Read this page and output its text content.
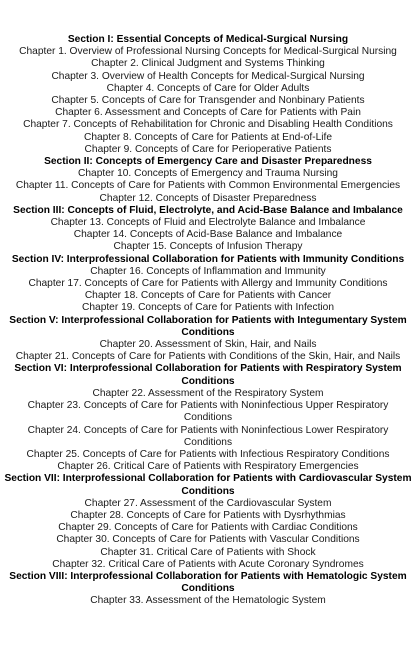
Section I: Essential Concepts of Medical-Surgical Nursing
Chapter 1. Overview of Professional Nursing Concepts for Medical-Surgical Nursing
Chapter 2. Clinical Judgment and Systems Thinking
Chapter 3. Overview of Health Concepts for Medical-Surgical Nursing
Chapter 4. Concepts of Care for Older Adults
Chapter 5. Concepts of Care for Transgender and Nonbinary Patients
Chapter 6. Assessment and Concepts of Care for Patients with Pain
Chapter 7. Concepts of Rehabilitation for Chronic and Disabling Health Conditions
Chapter 8. Concepts of Care for Patients at End-of-Life
Chapter 9. Concepts of Care for Perioperative Patients
Section II: Concepts of Emergency Care and Disaster Preparedness
Chapter 10. Concepts of Emergency and Trauma Nursing
Chapter 11. Concepts of Care for Patients with Common Environmental Emergencies
Chapter 12. Concepts of Disaster Preparedness
Section III: Concepts of Fluid, Electrolyte, and Acid-Base Balance and Imbalance
Chapter 13. Concepts of Fluid and Electrolyte Balance and Imbalance
Chapter 14. Concepts of Acid-Base Balance and Imbalance
Chapter 15. Concepts of Infusion Therapy
Section IV: Interprofessional Collaboration for Patients with Immunity Conditions
Chapter 16. Concepts of Inflammation and Immunity
Chapter 17. Concepts of Care for Patients with Allergy and Immunity Conditions
Chapter 18. Concepts of Care for Patients with Cancer
Chapter 19. Concepts of Care for Patients with Infection
Section V: Interprofessional Collaboration for Patients with Integumentary System Conditions
Chapter 20. Assessment of Skin, Hair, and Nails
Chapter 21. Concepts of Care for Patients with Conditions of the Skin, Hair, and Nails
Section VI: Interprofessional Collaboration for Patients with Respiratory System Conditions
Chapter 22. Assessment of the Respiratory System
Chapter 23. Concepts of Care for Patients with Noninfectious Upper Respiratory Conditions
Chapter 24. Concepts of Care for Patients with Noninfectious Lower Respiratory Conditions
Chapter 25. Concepts of Care for Patients with Infectious Respiratory Conditions
Chapter 26. Critical Care of Patients with Respiratory Emergencies
Section VII: Interprofessional Collaboration for Patients with Cardiovascular System Conditions
Chapter 27. Assessment of the Cardiovascular System
Chapter 28. Concepts of Care for Patients with Dysrhythmias
Chapter 29. Concepts of Care for Patients with Cardiac Conditions
Chapter 30. Concepts of Care for Patients with Vascular Conditions
Chapter 31. Critical Care of Patients with Shock
Chapter 32. Critical Care of Patients with Acute Coronary Syndromes
Section VIII: Interprofessional Collaboration for Patients with Hematologic System Conditions
Chapter 33. Assessment of the Hematologic System
